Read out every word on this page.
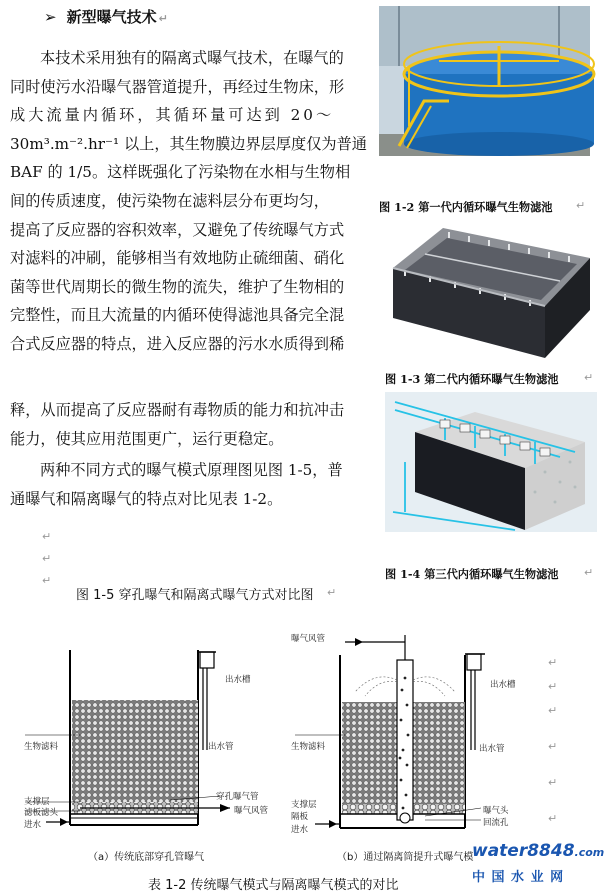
➢ 新型曝气技术 ↵
本技术采用独有的隔离式曝气技术，在曝气的
同时使污水沿曝气器管道提升，再经过生物床，形
成大流量内循环，其循环量可达到 20～
30m³.m⁻².hr⁻¹ 以上，其生物膜边界层厚度仅为普通
BAF 的 1/5。这样既强化了污染物在水相与生物相
间的传质速度，使污染物在滤料层分布更均匀，
提高了反应器的容积效率，又避免了传统曝气方式
对滤料的冲刷，能够相当有效地防止硫细菌、硝化
菌等世代周期长的微生物的流失，维护了生物相的
完整性，而且大流量的内循环使得滤池具备完全混
合式反应器的特点，进入反应器的污水水质得到稀
释，从而提高了反应器耐有毒物质的能力和抗冲击
能力，使其应用范围更广，运行更稳定。
两种不同方式的曝气模式原理图见图 1-5，普
通曝气和隔离曝气的特点对比见表 1-2。
↵
↵
↵
图 1-2 第一代内循环曝气生物滤池 ↵
图 1-3 第二代内循环曝气生物滤池 ↵
图 1-4 第三代内循环曝气生物滤池 ↵
图 1-5 穿孔曝气和隔离式曝气方式对比图 ↵
出水槽
生物滤料	出水管
支撑层
滤板滤头
进水
穿孔曝气管
曝气风管
（a）传统底部穿孔管曝气
曝气风管
出水槽
生物滤料	出水管
支撑层
隔板
进水
曝气头
回流孔
（b）通过隔离筒提升式曝气模
↵
↵
↵
↵
↵
↵
water8848.com
中 国 水 业 网
表 1-2 传统曝气模式与隔离曝气模式的对比
